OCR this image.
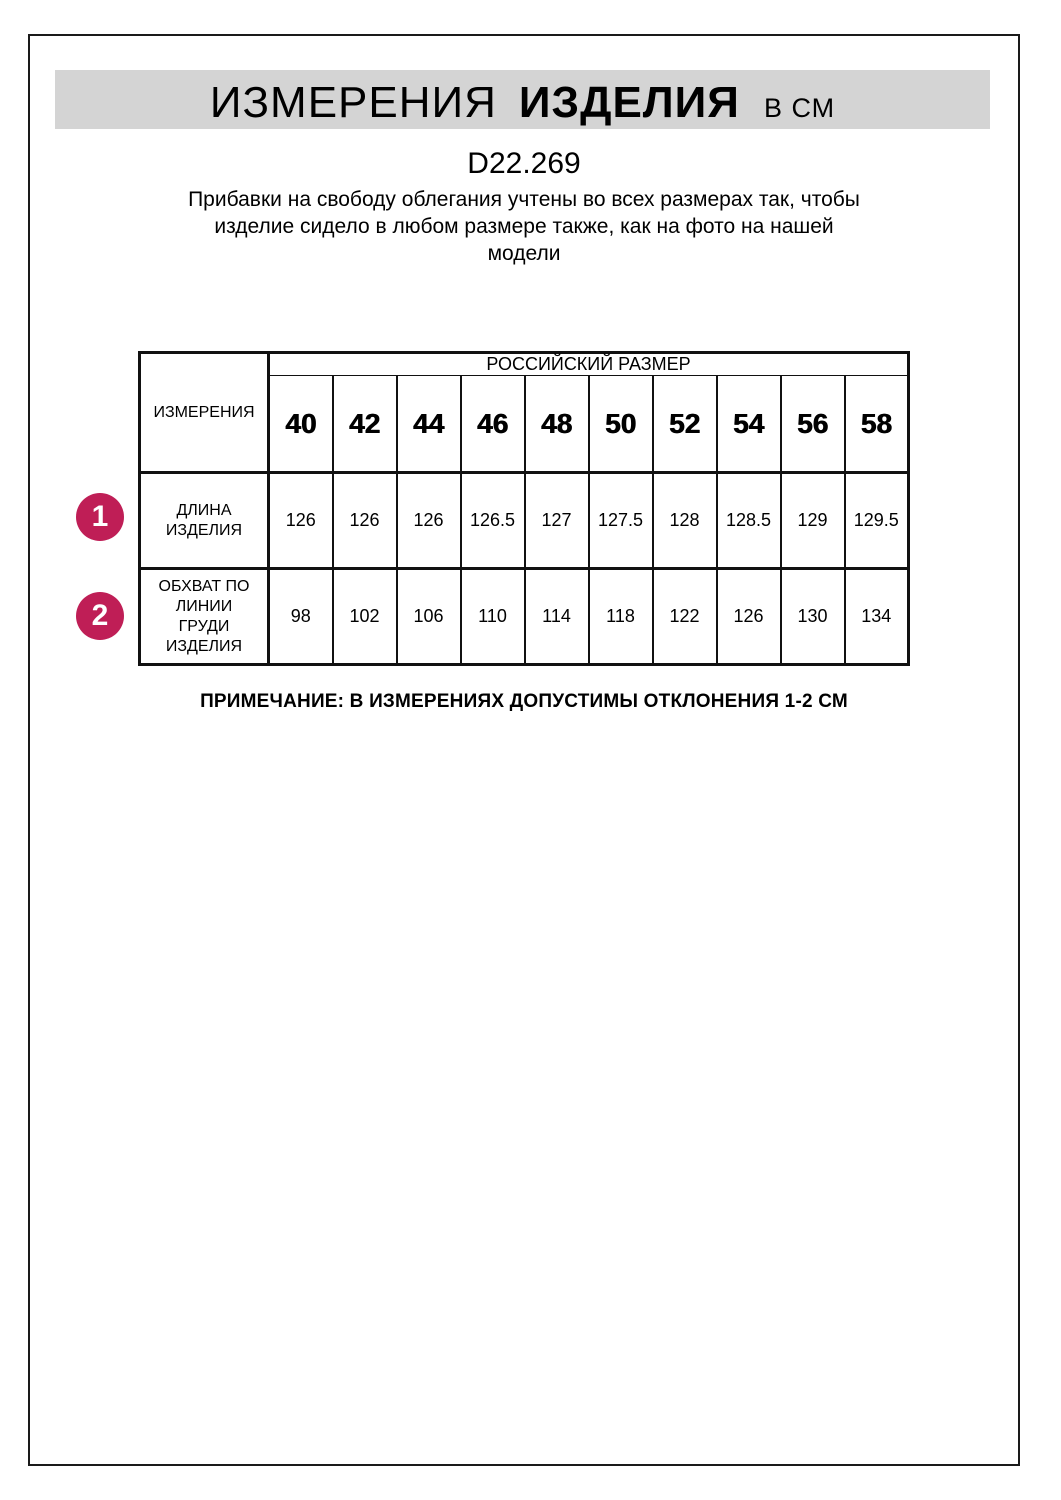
ИЗМЕРЕНИЯ ИЗДЕЛИЯ В СМ
D22.269
Прибавки на свободу облегания учтены во всех размерах так, чтобы
изделие сидело в любом размере также, как на фото на нашей
модели
ИЗМЕРЕНИЯ	РОССИЙСКИЙ РАЗМЕР									
	40	42	44	46	48	50	52	54	56	58
ДЛИНА ИЗДЕЛИЯ	126	126	126	126.5	127	127.5	128	128.5	129	129.5
ОБХВАТ ПО ЛИНИИ ГРУДИ ИЗДЕЛИЯ	98	102	106	110	114	118	122	126	130	134
1
2
ПРИМЕЧАНИЕ: В ИЗМЕРЕНИЯХ ДОПУСТИМЫ ОТКЛОНЕНИЯ 1-2 СМ
